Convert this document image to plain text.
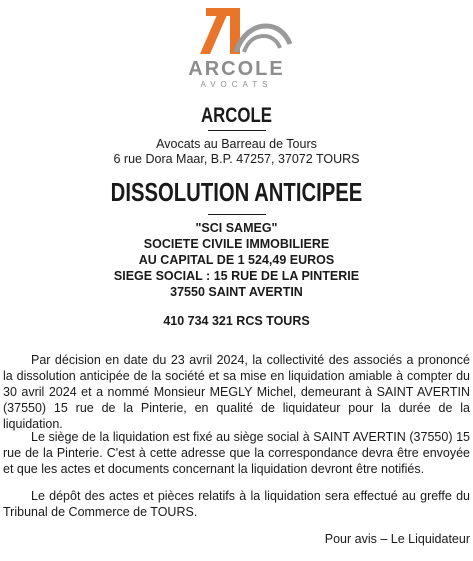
ARCOLE
AVOCATS
ARCOLE
Avocats au Barreau de Tours
6 rue Dora Maar, B.P. 47257, 37072 TOURS
DISSOLUTION ANTICIPEE
"SCI SAMEG"
SOCIETE CIVILE IMMOBILIERE
AU CAPITAL DE 1 524,49 EUROS
SIEGE SOCIAL : 15 RUE DE LA PINTERIE
37550 SAINT AVERTIN
410 734 321 RCS TOURS

Par décision en date du 23 avril 2024, la collectivité des associés a prononcé la dissolution anticipée de la société et sa mise en liquidation amiable à compter du 30 avril 2024 et a nommé Monsieur MEGLY Michel, demeurant à SAINT AVERTIN (37550) 15 rue de la Pinterie, en qualité de liquidateur pour la durée de la liquidation.

Le siège de la liquidation est fixé au siège social à SAINT AVERTIN (37550) 15 rue de la Pinterie. C'est à cette adresse que la correspondance devra être envoyée et que les actes et documents concernant la liquidation devront être notifiés.

Le dépôt des actes et pièces relatifs à la liquidation sera effectué au greffe du Tribunal de Commerce de TOURS.

Pour avis – Le Liquidateur
